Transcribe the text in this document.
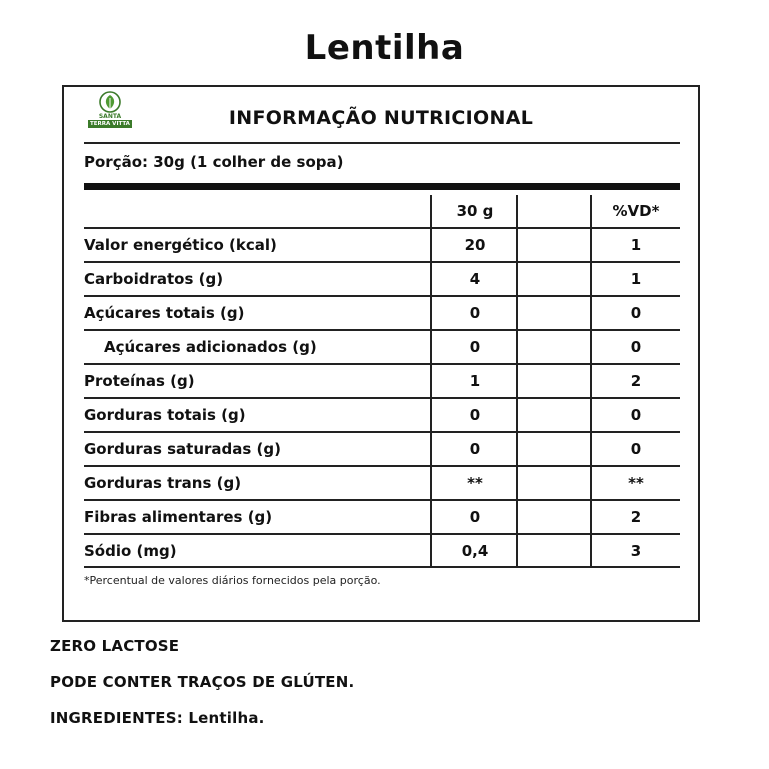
Lentilha
SANTA
TERRA VITTA	INFORMAÇÃO NUTRICIONAL
Porção: 30g (1 colher de sopa)
30 g	%VD*
Valor energético (kcal)	20	1
Carboidratos (g)	4	1
Açúcares totais (g)	0	0
Açúcares adicionados (g)	0	0
Proteínas (g)	1	2
Gorduras totais (g)	0	0
Gorduras saturadas (g)	0	0
Gorduras trans (g)	**	**
Fibras alimentares (g)	0	2
Sódio (mg)	0,4	3
*Percentual de valores diários fornecidos pela porção.
ZERO LACTOSE
PODE CONTER TRAÇOS DE GLÚTEN.
INGREDIENTES: Lentilha.
